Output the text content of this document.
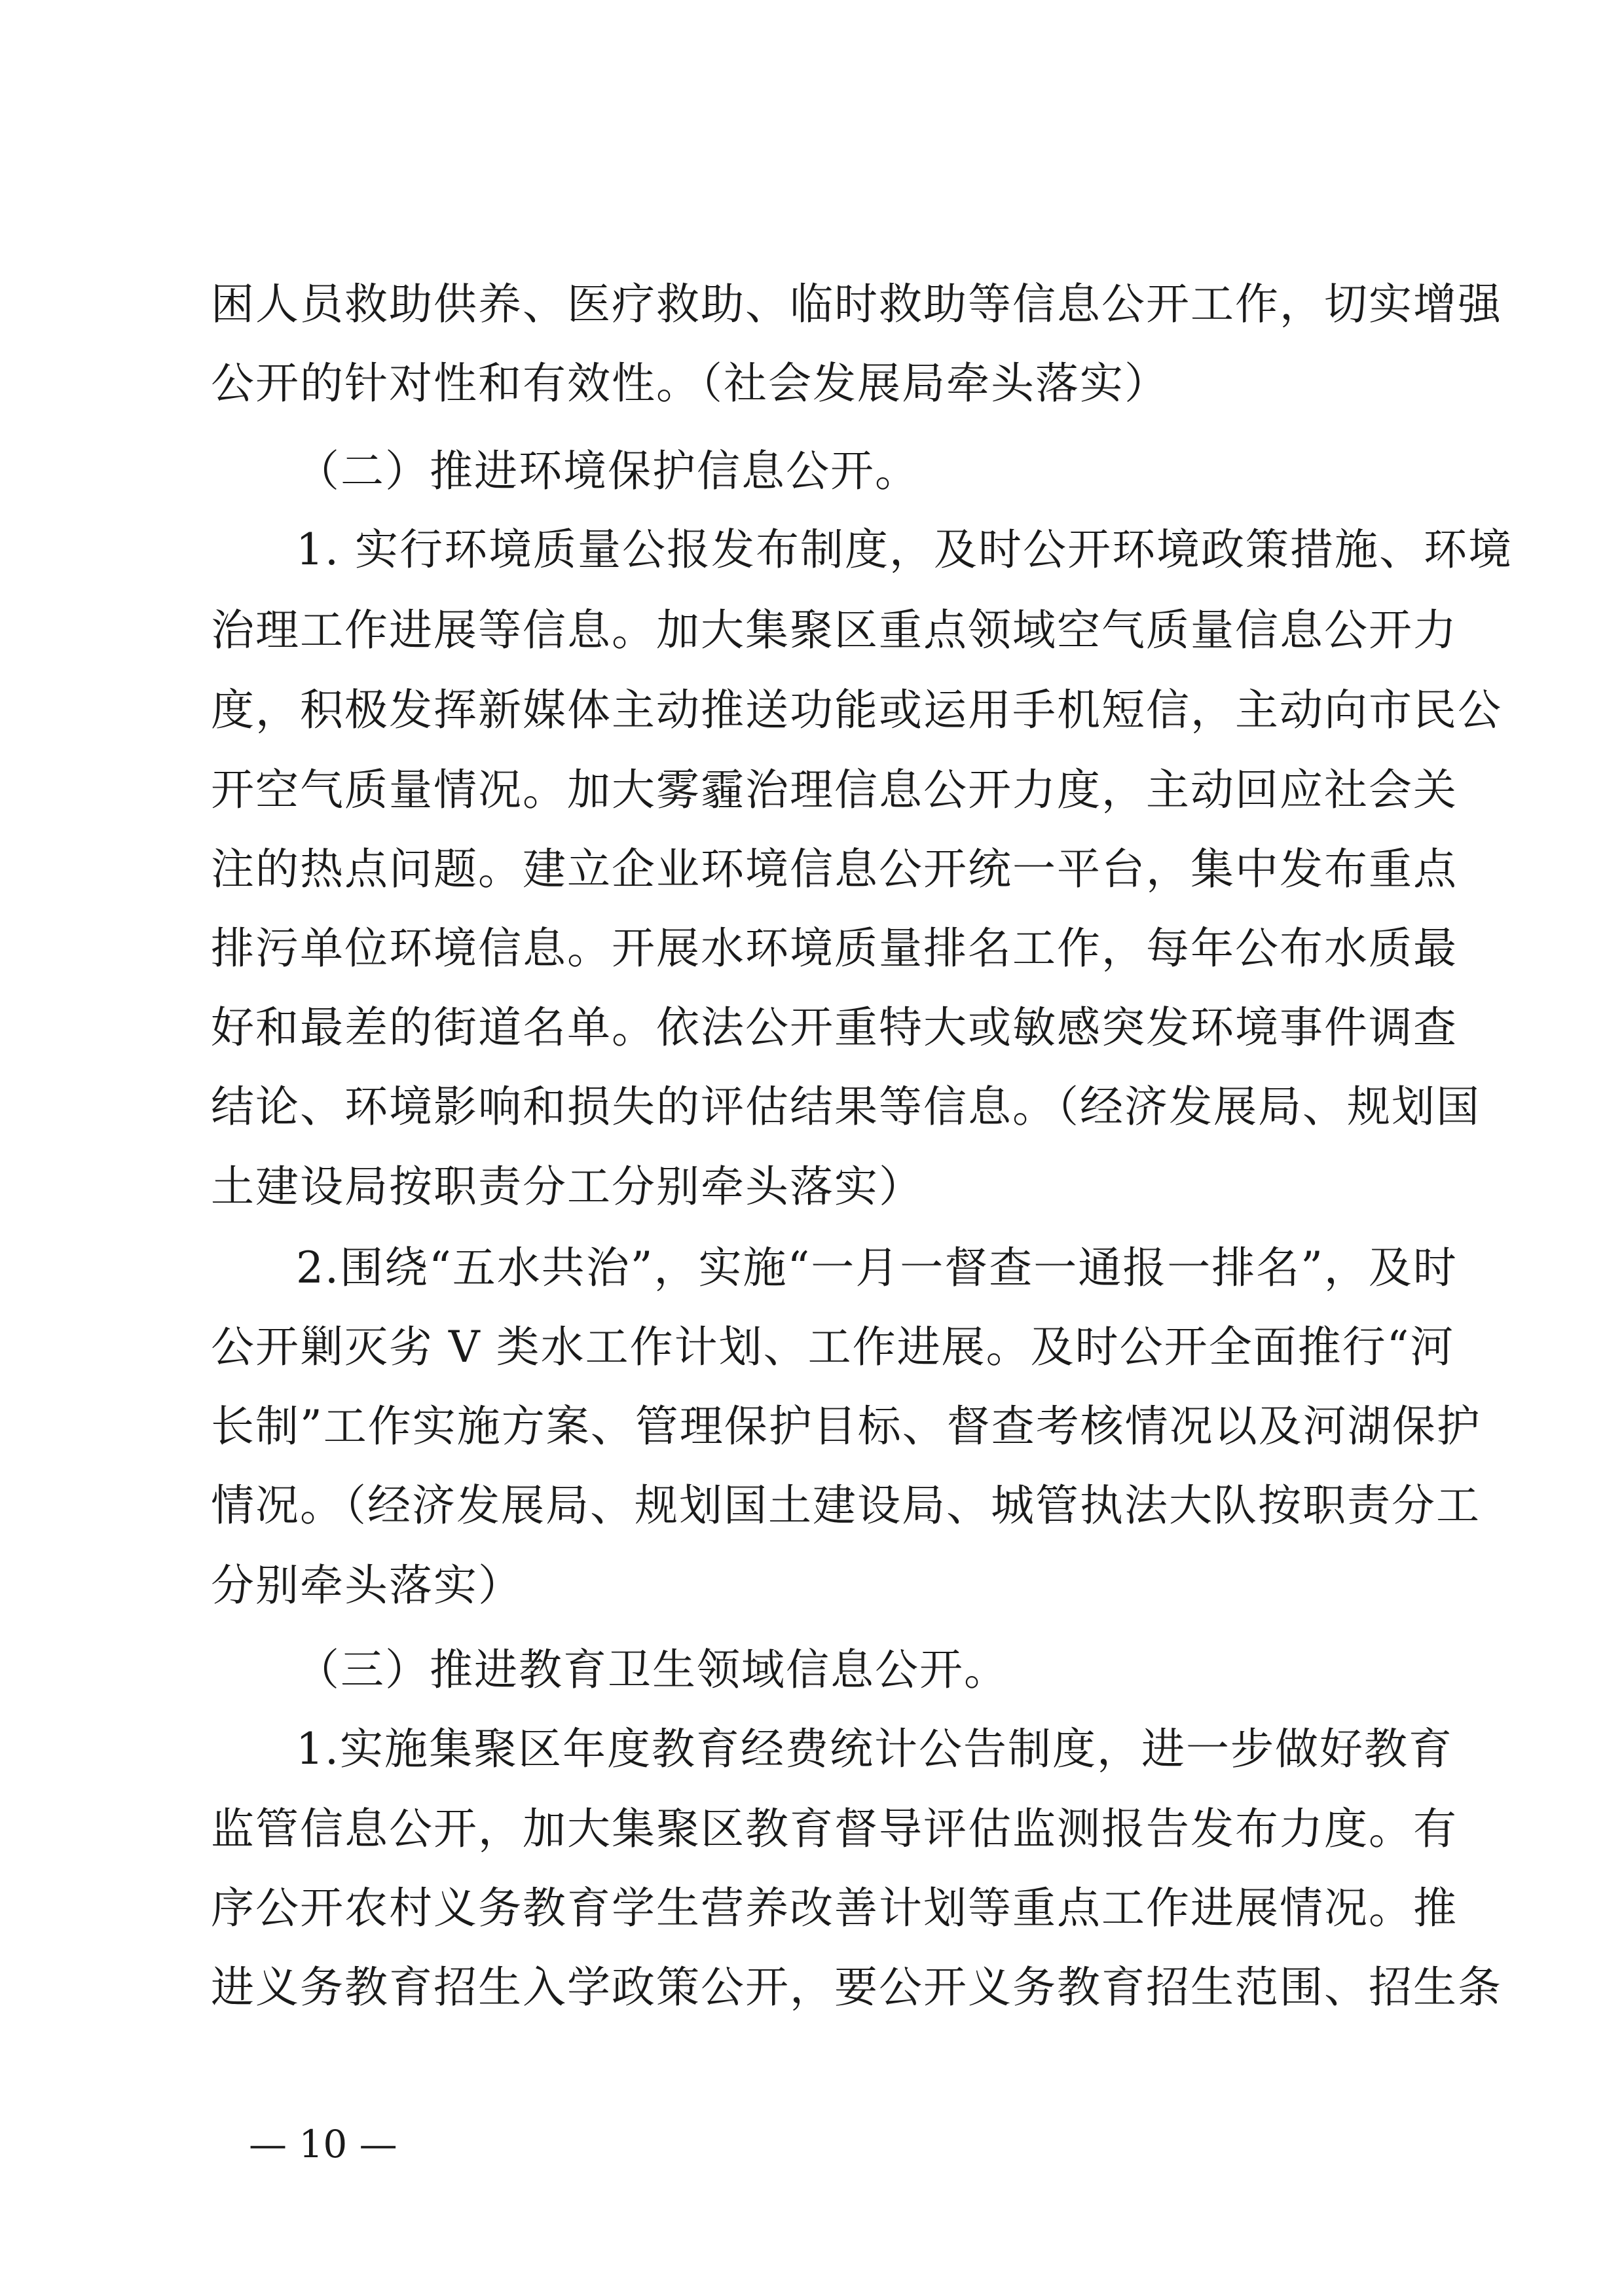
困人员救助供养、医疗救助、临时救助等信息公开工作，切实增强
公开的针对性和有效性。（社会发展局牵头落实）
（二）推进环境保护信息公开。
1. 实行环境质量公报发布制度，及时公开环境政策措施、环境
治理工作进展等信息。加大集聚区重点领域空气质量信息公开力
度，积极发挥新媒体主动推送功能或运用手机短信，主动向市民公
开空气质量情况。加大雾霾治理信息公开力度，主动回应社会关
注的热点问题。建立企业环境信息公开统一平台，集中发布重点
排污单位环境信息。开展水环境质量排名工作，每年公布水质最
好和最差的街道名单。依法公开重特大或敏感突发环境事件调查
结论、环境影响和损失的评估结果等信息。（经济发展局、规划国
土建设局按职责分工分别牵头落实）
2.围绕“五水共治”，实施“一月一督查一通报一排名”，及时
公开剿灭劣 V 类水工作计划、工作进展。及时公开全面推行“河
长制”工作实施方案、管理保护目标、督查考核情况以及河湖保护
情况。（经济发展局、规划国土建设局、城管执法大队按职责分工
分别牵头落实）
（三）推进教育卫生领域信息公开。
1.实施集聚区年度教育经费统计公告制度，进一步做好教育
监管信息公开，加大集聚区教育督导评估监测报告发布力度。有
序公开农村义务教育学生营养改善计划等重点工作进展情况。推
进义务教育招生入学政策公开，要公开义务教育招生范围、招生条
— 10 —
